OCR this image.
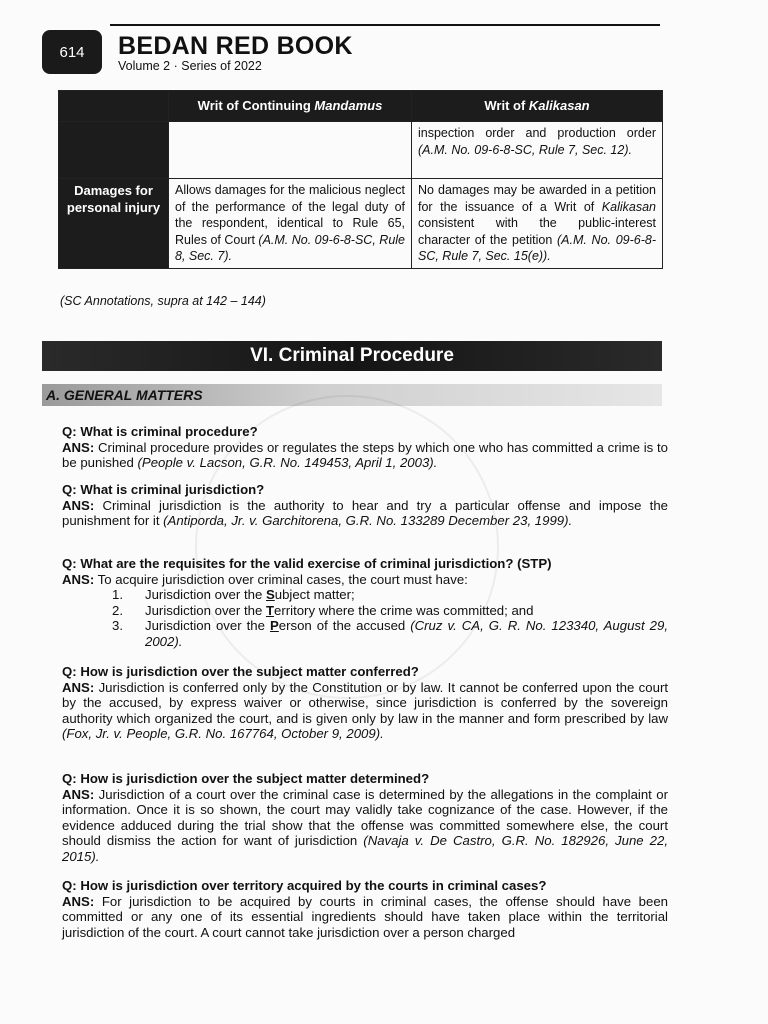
614	BEDAN RED BOOK
Volume 2 · Series of 2022
	Writ of Continuing Mandamus	Writ of Kalikasan
		inspection order and production order (A.M. No. 09-6-8-SC, Rule 7, Sec. 12).
Damages for personal injury	Allows damages for the malicious neglect of the performance of the legal duty of the respondent, identical to Rule 65, Rules of Court (A.M. No. 09-6-8-SC, Rule 8, Sec. 7).	No damages may be awarded in a petition for the issuance of a Writ of Kalikasan consistent with the public-interest character of the petition (A.M. No. 09-6-8-SC, Rule 7, Sec. 15(e)).
(SC Annotations, supra at 142 – 144)
VI. Criminal Procedure
A. GENERAL MATTERS
Q: What is criminal procedure?
ANS: Criminal procedure provides or regulates the steps by which one who has committed a crime is to be punished (People v. Lacson, G.R. No. 149453, April 1, 2003).
Q: What is criminal jurisdiction?
ANS: Criminal jurisdiction is the authority to hear and try a particular offense and impose the punishment for it (Antiporda, Jr. v. Garchitorena, G.R. No. 133289 December 23, 1999).
Q: What are the requisites for the valid exercise of criminal jurisdiction? (STP)
ANS: To acquire jurisdiction over criminal cases, the court must have:
1. Jurisdiction over the Subject matter;
2. Jurisdiction over the Territory where the crime was committed; and
3. Jurisdiction over the Person of the accused (Cruz v. CA, G. R. No. 123340, August 29, 2002).
Q: How is jurisdiction over the subject matter conferred?
ANS: Jurisdiction is conferred only by the Constitution or by law. It cannot be conferred upon the court by the accused, by express waiver or otherwise, since jurisdiction is conferred by the sovereign authority which organized the court, and is given only by law in the manner and form prescribed by law (Fox, Jr. v. People, G.R. No. 167764, October 9, 2009).
Q: How is jurisdiction over the subject matter determined?
ANS: Jurisdiction of a court over the criminal case is determined by the allegations in the complaint or information. Once it is so shown, the court may validly take cognizance of the case. However, if the evidence adduced during the trial show that the offense was committed somewhere else, the court should dismiss the action for want of jurisdiction (Navaja v. De Castro, G.R. No. 182926, June 22, 2015).
Q: How is jurisdiction over territory acquired by the courts in criminal cases?
ANS: For jurisdiction to be acquired by courts in criminal cases, the offense should have been committed or any one of its essential ingredients should have taken place within the territorial jurisdiction of the court. A court cannot take jurisdiction over a person charged
